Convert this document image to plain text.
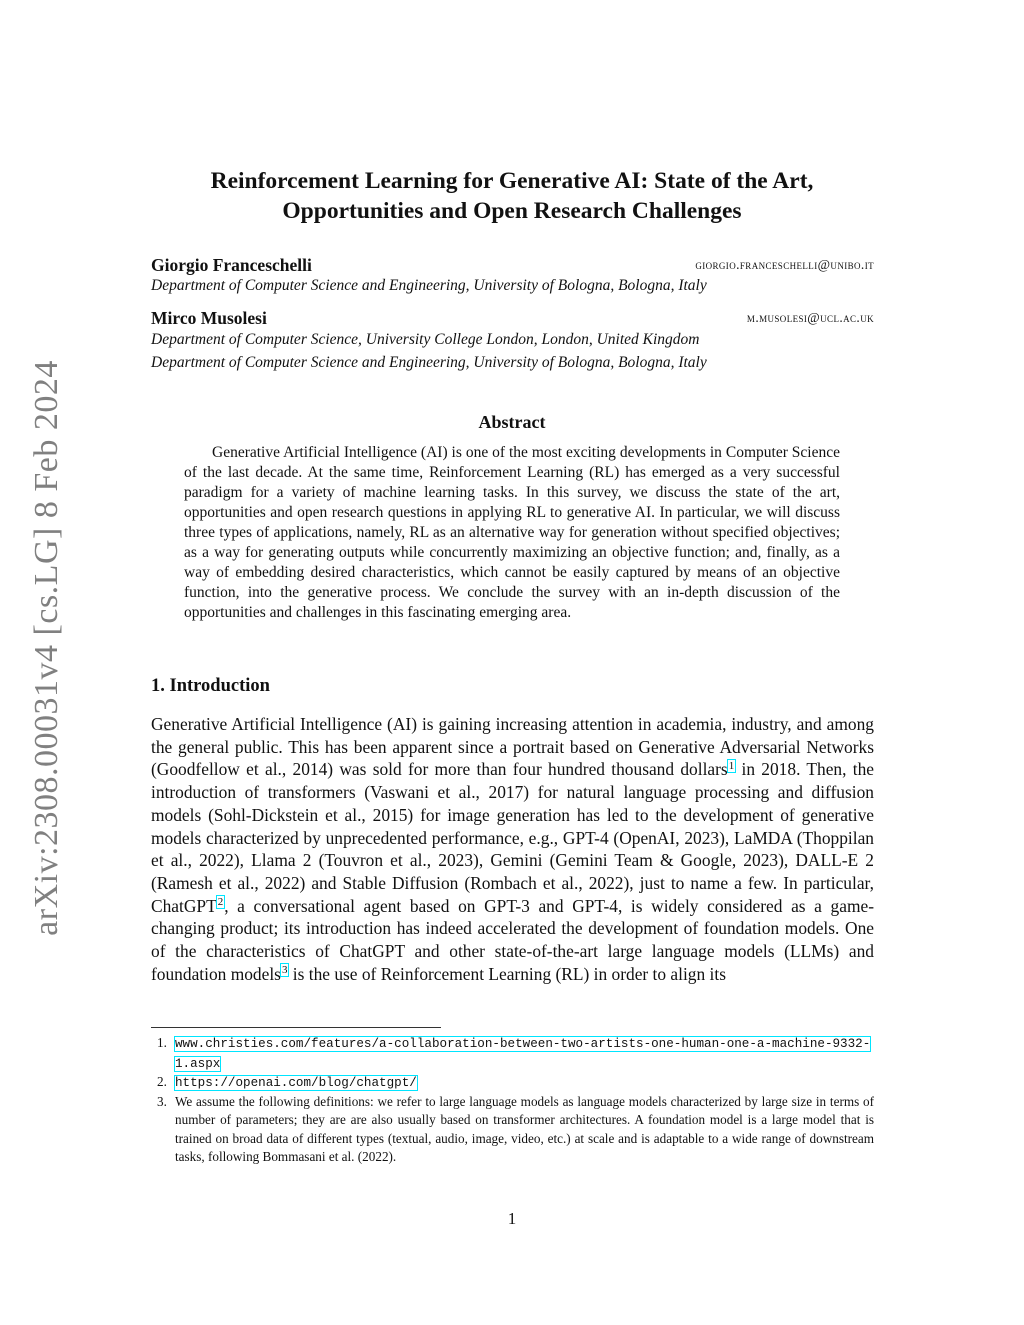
arXiv:2308.00031v4 [cs.LG] 8 Feb 2024
Reinforcement Learning for Generative AI: State of the Art,
Opportunities and Open Research Challenges
Giorgio Franceschelli	giorgio.franceschelli@unibo.it
Department of Computer Science and Engineering, University of Bologna, Bologna, Italy
Mirco Musolesi	m.musolesi@ucl.ac.uk
Department of Computer Science, University College London, London, United Kingdom
Department of Computer Science and Engineering, University of Bologna, Bologna, Italy
Abstract

Generative Artificial Intelligence (AI) is one of the most exciting developments in Computer Science of the last decade. At the same time, Reinforcement Learning (RL) has emerged as a very successful paradigm for a variety of machine learning tasks. In this survey, we discuss the state of the art, opportunities and open research questions in applying RL to generative AI. In particular, we will discuss three types of applications, namely, RL as an alternative way for generation without specified objectives; as a way for generating outputs while concurrently maximizing an objective function; and, finally, as a way of embedding desired characteristics, which cannot be easily captured by means of an objective function, into the generative process. We conclude the survey with an in-depth discussion of the opportunities and challenges in this fascinating emerging area.

1. Introduction

Generative Artificial Intelligence (AI) is gaining increasing attention in academia, industry, and among the general public. This has been apparent since a portrait based on Generative Adversarial Networks (Goodfellow et al., 2014) was sold for more than four hundred thousand dollars$^1$ in 2018. Then, the introduction of transformers (Vaswani et al., 2017) for natural language processing and diffusion models (Sohl-Dickstein et al., 2015) for image generation has led to the development of generative models characterized by unprecedented performance, e.g., GPT-4 (OpenAI, 2023), LaMDA (Thoppilan et al., 2022), Llama 2 (Touvron et al., 2023), Gemini (Gemini Team & Google, 2023), DALL-E 2 (Ramesh et al., 2022) and Stable Diffusion (Rombach et al., 2022), just to name a few. In particular, ChatGPT$^2$, a conversational agent based on GPT-3 and GPT-4, is widely considered as a game-changing product; its introduction has indeed accelerated the development of foundation models. One of the characteristics of ChatGPT and other state-of-the-art large language models (LLMs) and foundation models$^3$ is the use of Reinforcement Learning (RL) in order to align its

1. www.christies.com/features/a-collaboration-between-two-artists-one-human-one-a-machine-9332-1.aspx
2. https://openai.com/blog/chatgpt/
3. We assume the following definitions: we refer to large language models as language models characterized by large size in terms of number of parameters; they are are also usually based on transformer architectures. A foundation model is a large model that is trained on broad data of different types (textual, audio, image, video, etc.) at scale and is adaptable to a wide range of downstream tasks, following Bommasani et al. (2022).
1
